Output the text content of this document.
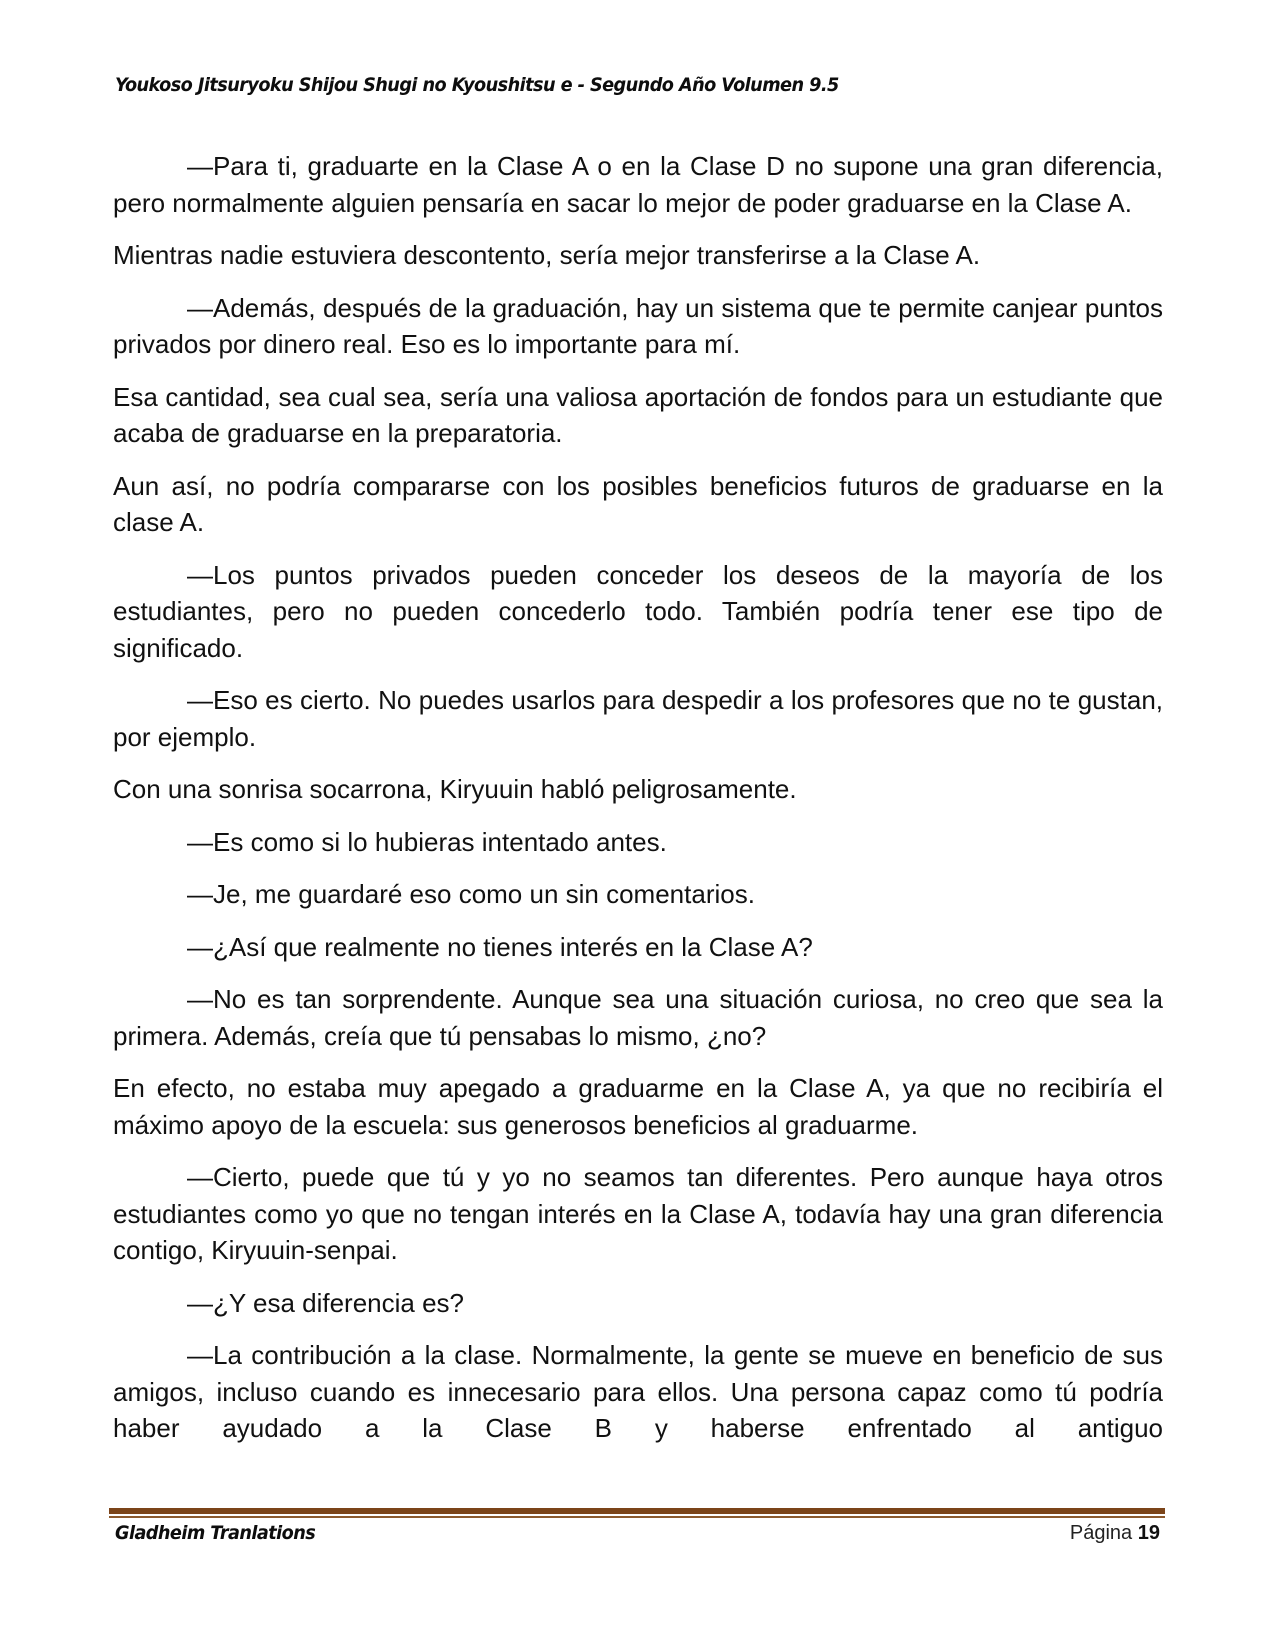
Youkoso Jitsuryoku Shijou Shugi no Kyoushitsu e - Segundo Año Volumen 9.5

—Para ti, graduarte en la Clase A o en la Clase D no supone una gran diferencia, pero normalmente alguien pensaría en sacar lo mejor de poder graduarse en la Clase A.

Mientras nadie estuviera descontento, sería mejor transferirse a la Clase A.

—Además, después de la graduación, hay un sistema que te permite canjear puntos privados por dinero real. Eso es lo importante para mí.

Esa cantidad, sea cual sea, sería una valiosa aportación de fondos para un estudiante que acaba de graduarse en la preparatoria.

Aun así, no podría compararse con los posibles beneficios futuros de graduarse en la clase A.

—Los puntos privados pueden conceder los deseos de la mayoría de los estudiantes, pero no pueden concederlo todo. También podría tener ese tipo de significado.

—Eso es cierto. No puedes usarlos para despedir a los profesores que no te gustan, por ejemplo.

Con una sonrisa socarrona, Kiryuuin habló peligrosamente.

—Es como si lo hubieras intentado antes.

—Je, me guardaré eso como un sin comentarios.

—¿Así que realmente no tienes interés en la Clase A?

—No es tan sorprendente. Aunque sea una situación curiosa, no creo que sea la primera. Además, creía que tú pensabas lo mismo, ¿no?

En efecto, no estaba muy apegado a graduarme en la Clase A, ya que no recibiría el máximo apoyo de la escuela: sus generosos beneficios al graduarme.

—Cierto, puede que tú y yo no seamos tan diferentes. Pero aunque haya otros estudiantes como yo que no tengan interés en la Clase A, todavía hay una gran diferencia contigo, Kiryuuin-senpai.

—¿Y esa diferencia es?

—La contribución a la clase. Normalmente, la gente se mueve en beneficio de sus amigos, incluso cuando es innecesario para ellos. Una persona capaz como tú podría haber ayudado a la Clase B y haberse enfrentado al antiguo

Gladheim Tranlations	Página 19
